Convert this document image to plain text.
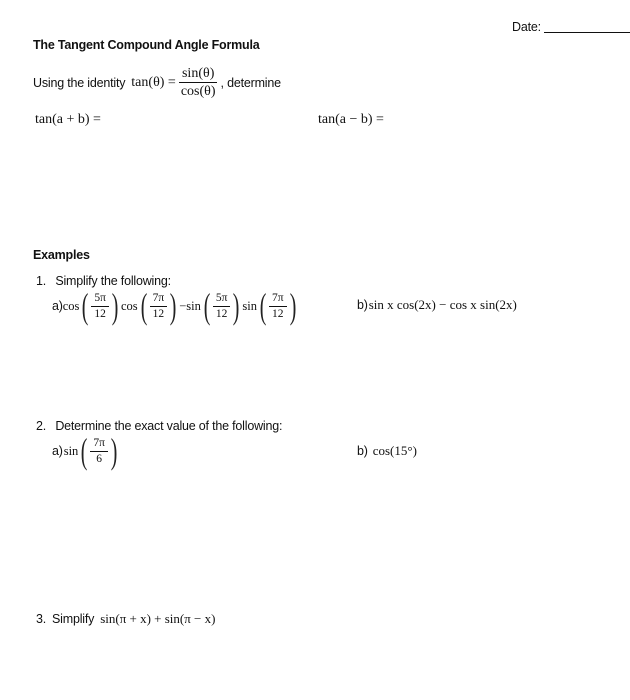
Date:
The Tangent Compound Angle Formula
Using the identity $\tan(\theta) = \frac{\sin(\theta)}{\cos(\theta)}$ , determine
tan(a + b) =	tan(a − b) =
Examples
1. Simplify the following:
a) cos ( $\frac{5\pi}{12}$ ) cos ( $\frac{7\pi}{12}$ ) −sin ( $\frac{5\pi}{12}$ ) sin ( $\frac{7\pi}{12}$ )	b) sin x cos(2x) − cos x sin(2x)
2. Determine the exact value of the following:
a) sin ( $\frac{7\pi}{6}$ )	b) cos(15°)
3. Simplify sin(π + x) + sin(π − x)
